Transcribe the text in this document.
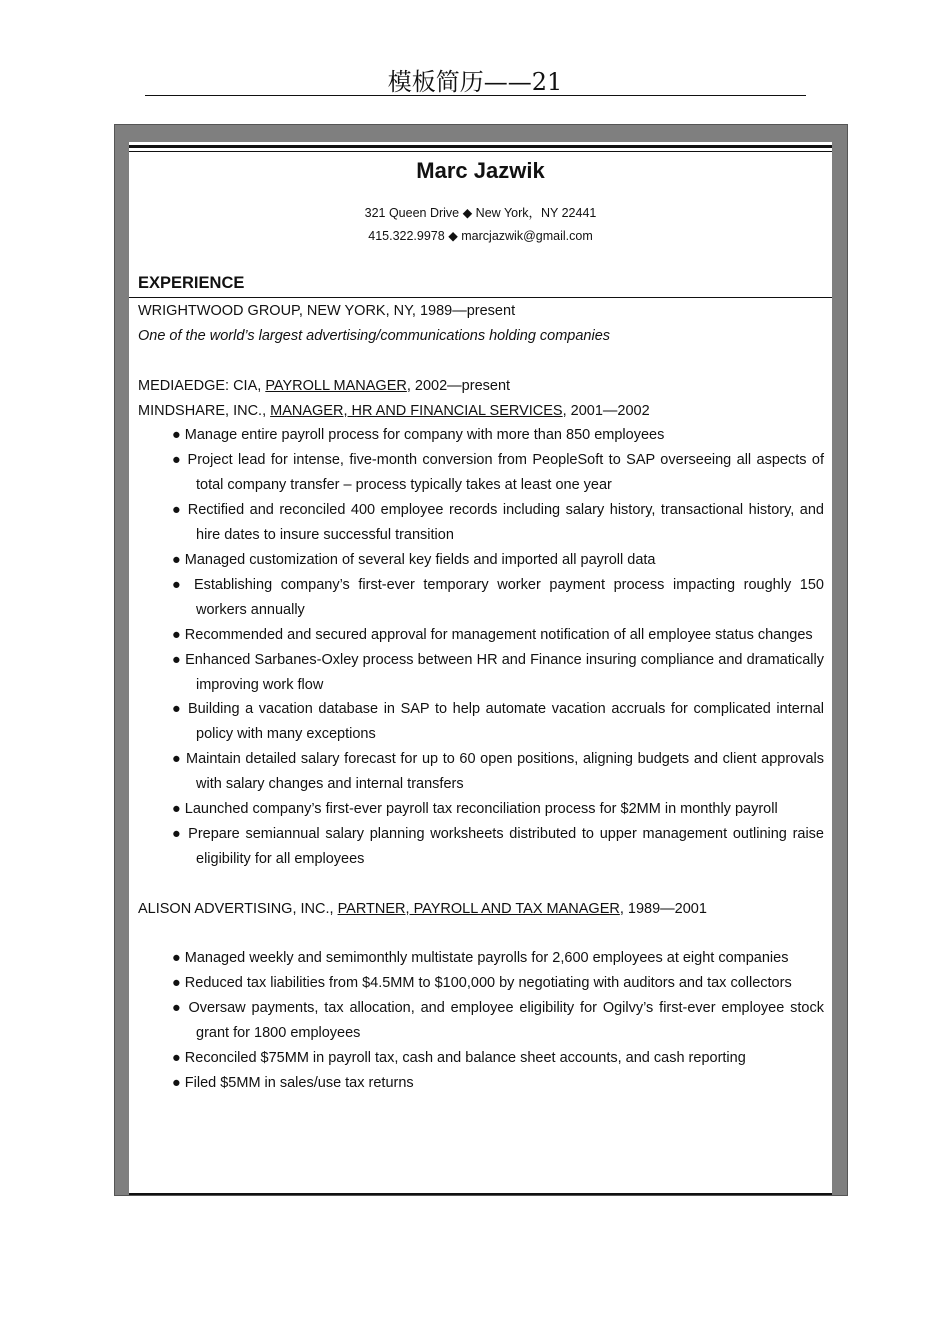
模板简历——21
Marc Jazwik
321 Queen Drive ◆ New York，NY 22441
415.322.9978 ◆ marcjazwik@gmail.com
EXPERIENCE
WRIGHTWOOD GROUP, NEW YORK, NY, 1989—present
One of the world’s largest advertising/communications holding companies
MEDIAEDGE: CIA, PAYROLL MANAGER, 2002—present
MINDSHARE, INC., MANAGER, HR AND FINANCIAL SERVICES, 2001—2002
● Manage entire payroll process for company with more than 850 employees
● Project lead for intense, five-month conversion from PeopleSoft to SAP overseeing all aspects of total company transfer – process typically takes at least one year
● Rectified and reconciled 400 employee records including salary history, transactional history, and hire dates to insure successful transition
● Managed customization of several key fields and imported all payroll data
● Establishing company’s first-ever temporary worker payment process impacting roughly 150 workers annually
● Recommended and secured approval for management notification of all employee status changes
● Enhanced Sarbanes-Oxley process between HR and Finance insuring compliance and dramatically improving work flow
● Building a vacation database in SAP to help automate vacation accruals for complicated internal policy with many exceptions
● Maintain detailed salary forecast for up to 60 open positions, aligning budgets and client approvals with salary changes and internal transfers
● Launched company’s first-ever payroll tax reconciliation process for $2MM in monthly payroll
● Prepare semiannual salary planning worksheets distributed to upper management outlining raise eligibility for all employees
ALISON ADVERTISING, INC., PARTNER, PAYROLL AND TAX MANAGER, 1989—2001
● Managed weekly and semimonthly multistate payrolls for 2,600 employees at eight companies
● Reduced tax liabilities from $4.5MM to $100,000 by negotiating with auditors and tax collectors
● Oversaw payments, tax allocation, and employee eligibility for Ogilvy’s first-ever employee stock grant for 1800 employees
● Reconciled $75MM in payroll tax, cash and balance sheet accounts, and cash reporting
● Filed $5MM in sales/use tax returns
